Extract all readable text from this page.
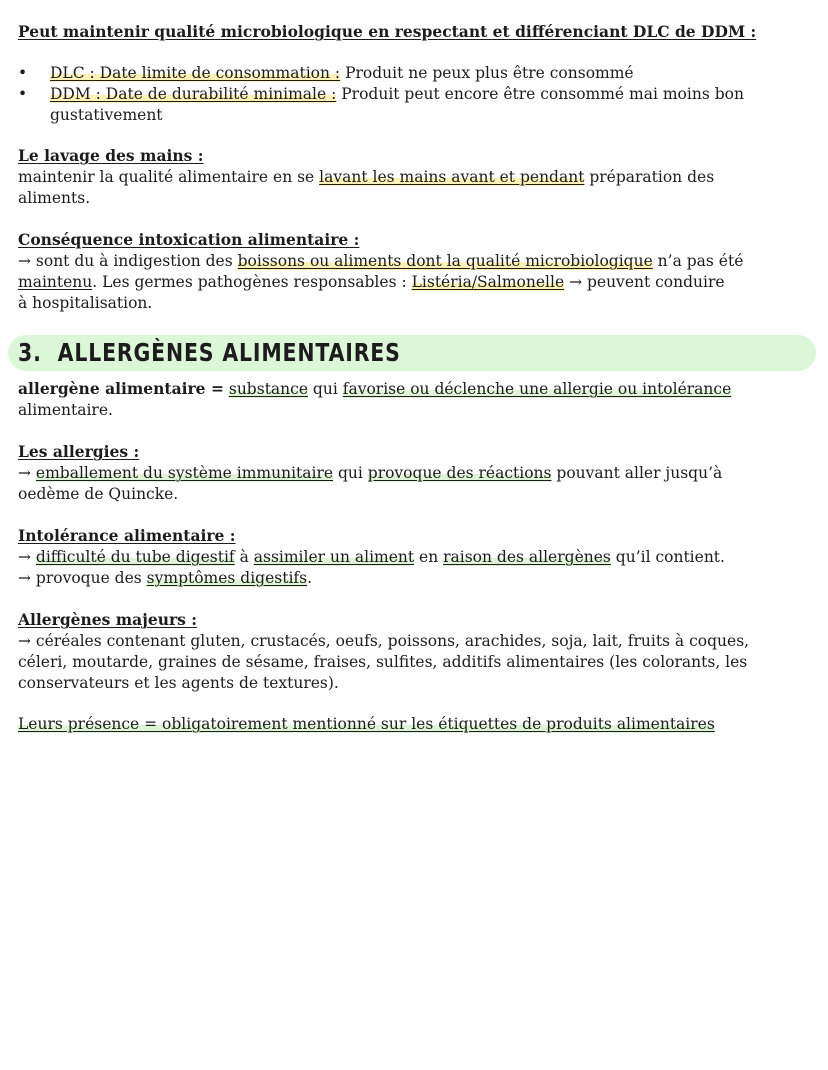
Peut maintenir qualité microbiologique en respectant et différenciant DLC de DDM :
• DLC : Date limite de consommation : Produit ne peux plus être consommé
• DDM : Date de durabilité minimale : Produit peut encore être consommé mai moins bon
gustativement
Le lavage des mains :
maintenir la qualité alimentaire en se lavant les mains avant et pendant préparation des
aliments.
Conséquence intoxication alimentaire :
→ sont du à indigestion des boissons ou aliments dont la qualité microbiologique n’a pas été
maintenu. Les germes pathogènes responsables : Listéria/Salmonelle → peuvent conduire
à hospitalisation.
3. ALLERGÈNES ALIMENTAIRES
allergène alimentaire = substance qui favorise ou déclenche une allergie ou intolérance
alimentaire.
Les allergies :
→ emballement du système immunitaire qui provoque des réactions pouvant aller jusqu’à
oedème de Quincke.
Intolérance alimentaire :
→ difficulté du tube digestif à assimiler un aliment en raison des allergènes qu’il contient.
→ provoque des symptômes digestifs.
Allergènes majeurs :
→ céréales contenant gluten, crustacés, oeufs, poissons, arachides, soja, lait, fruits à coques,
céleri, moutarde, graines de sésame, fraises, sulfites, additifs alimentaires (les colorants, les
conservateurs et les agents de textures).
Leurs présence = obligatoirement mentionné sur les étiquettes de produits alimentaires
